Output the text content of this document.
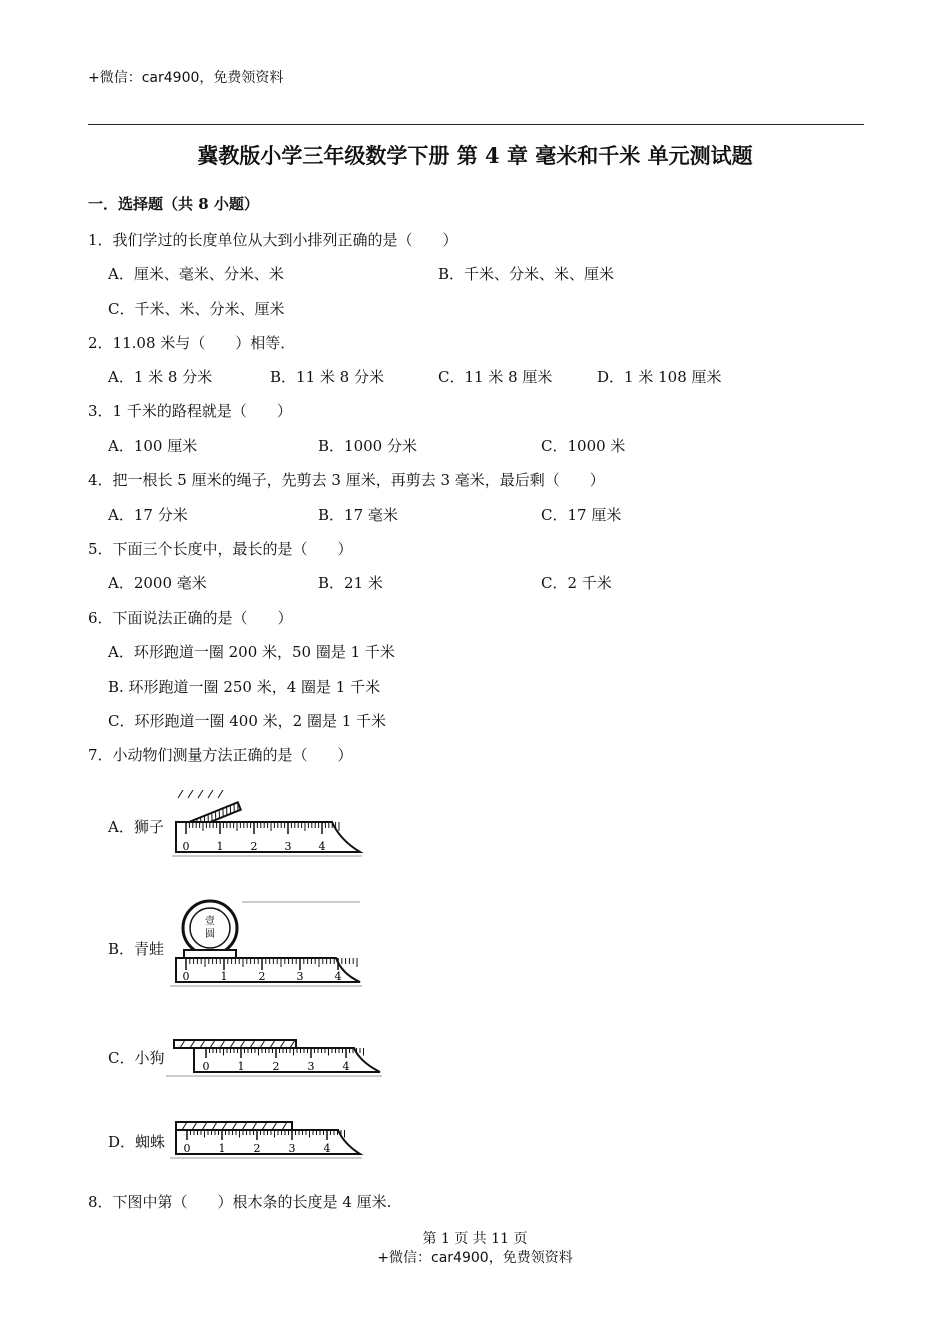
+微信：car4900，免费领资料
冀教版小学三年级数学下册 第 4 章 毫米和千米 单元测试题
一．选择题（共 8 小题）
1．我们学过的长度单位从大到小排列正确的是（　　）
A．厘米、毫米、分米、米	B．千米、分米、米、厘米
C．千米、米、分米、厘米
2．11.08 米与（　　）相等．
A．1 米 8 分米	B．11 米 8 分米	C．11 米 8 厘米	D．1 米 108 厘米
3．1 千米的路程就是（　　）
A．100 厘米	B．1000 分米	C．1000 米
4．把一根长 5 厘米的绳子，先剪去 3 厘米，再剪去 3 毫米，最后剩（　　）
A．17 分米	B．17 毫米	C．17 厘米
5．下面三个长度中，最长的是（　　）
A．2000 毫米	B．21 米	C．2 千米
6．下面说法正确的是（　　）
A．环形跑道一圈 200 米，50 圈是 1 千米
B. 环形跑道一圈 250 米，4 圈是 1 千米
C．环形跑道一圈 400 米，2 圈是 1 千米
7．小动物们测量方法正确的是（　　）
A．狮子
0 1 2 3 4
B．青蛙
壹
圆
0	1	2	3	4
C．小狗	0	1	2	3	4
D．蜘蛛 0	1	2	3	4
8．下图中第（　　）根木条的长度是 4 厘米.
第 1 页 共 11 页
+微信：car4900，免费领资料
